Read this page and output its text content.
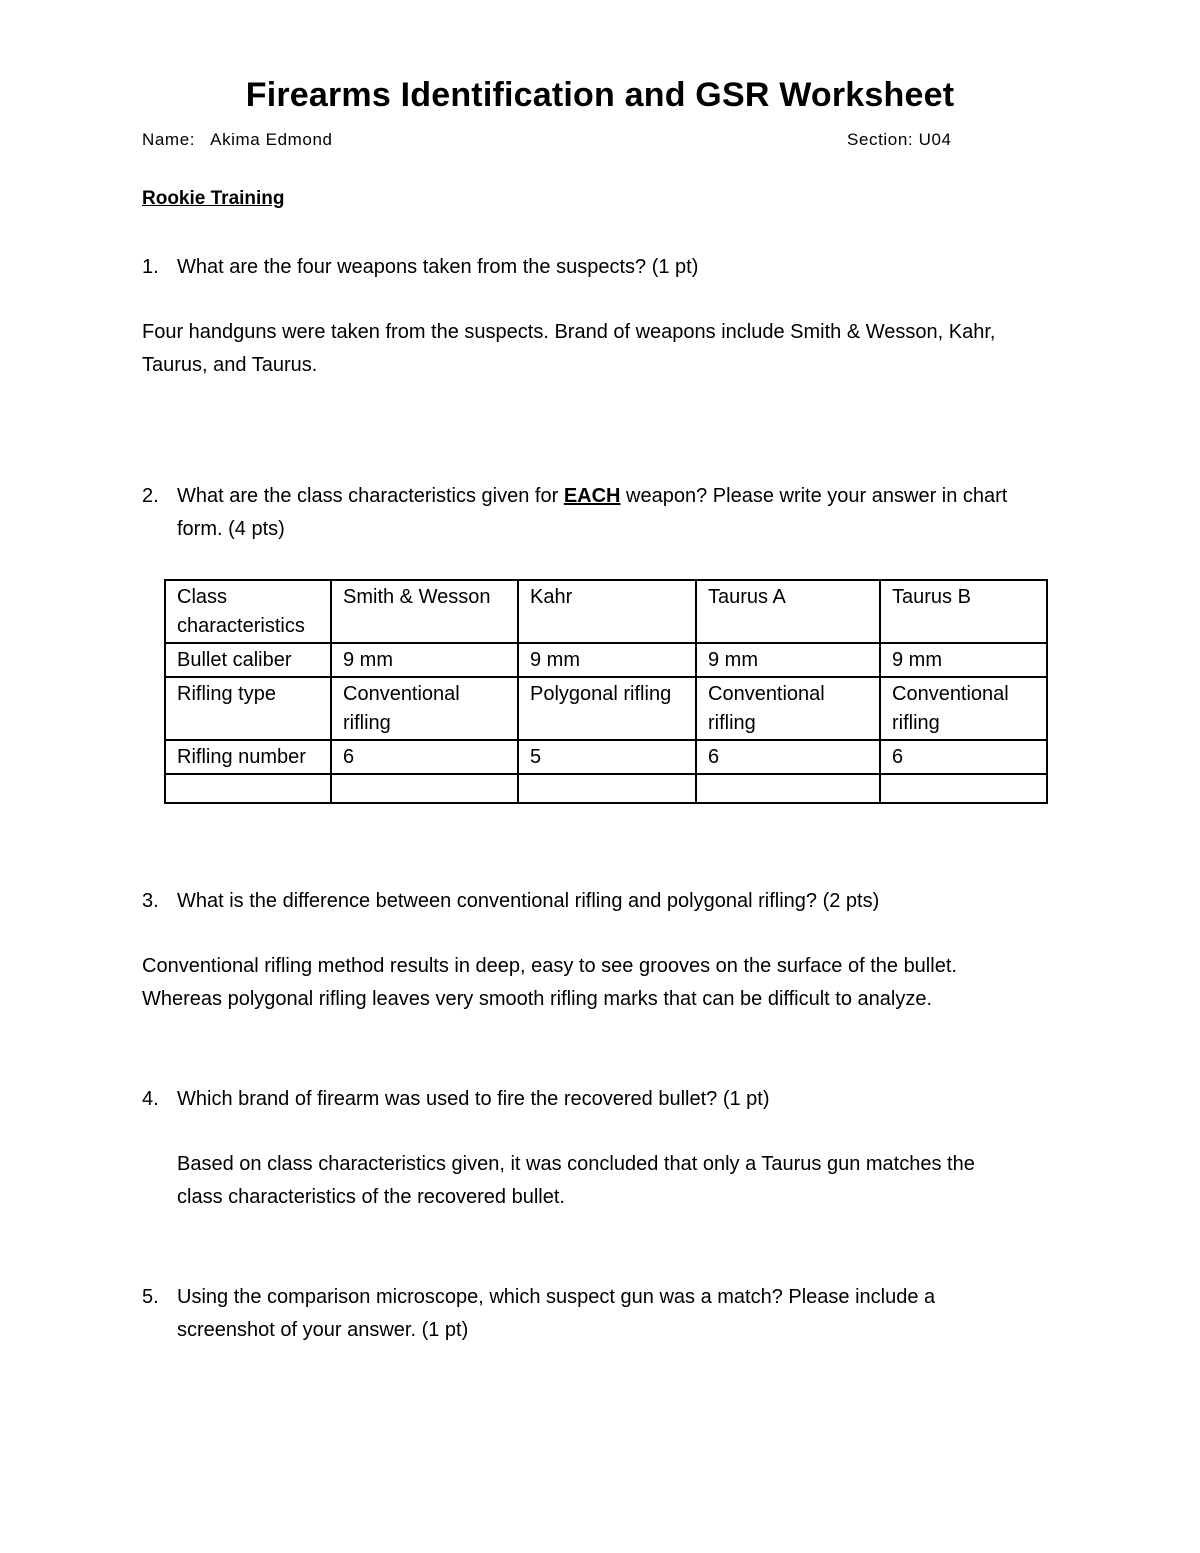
Firearms Identification and GSR Worksheet
Name: Akima Edmond	Section: U04
Rookie Training
1. What are the four weapons taken from the suspects? (1 pt)
Four handguns were taken from the suspects. Brand of weapons include Smith & Wesson, Kahr,
Taurus, and Taurus.
2. What are the class characteristics given for EACH weapon? Please write your answer in chart
form. (4 pts)
Class characteristics	Smith & Wesson	Kahr	Taurus A	Taurus B
Bullet caliber	9 mm	9 mm	9 mm	9 mm
Rifling type	Conventional rifling	Polygonal rifling	Conventional rifling	Conventional rifling
Rifling number	6	5	6	6

3. What is the difference between conventional rifling and polygonal rifling? (2 pts)
Conventional rifling method results in deep, easy to see grooves on the surface of the bullet.
Whereas polygonal rifling leaves very smooth rifling marks that can be difficult to analyze.
4. Which brand of firearm was used to fire the recovered bullet? (1 pt)
Based on class characteristics given, it was concluded that only a Taurus gun matches the
class characteristics of the recovered bullet.
5. Using the comparison microscope, which suspect gun was a match? Please include a
screenshot of your answer. (1 pt)
